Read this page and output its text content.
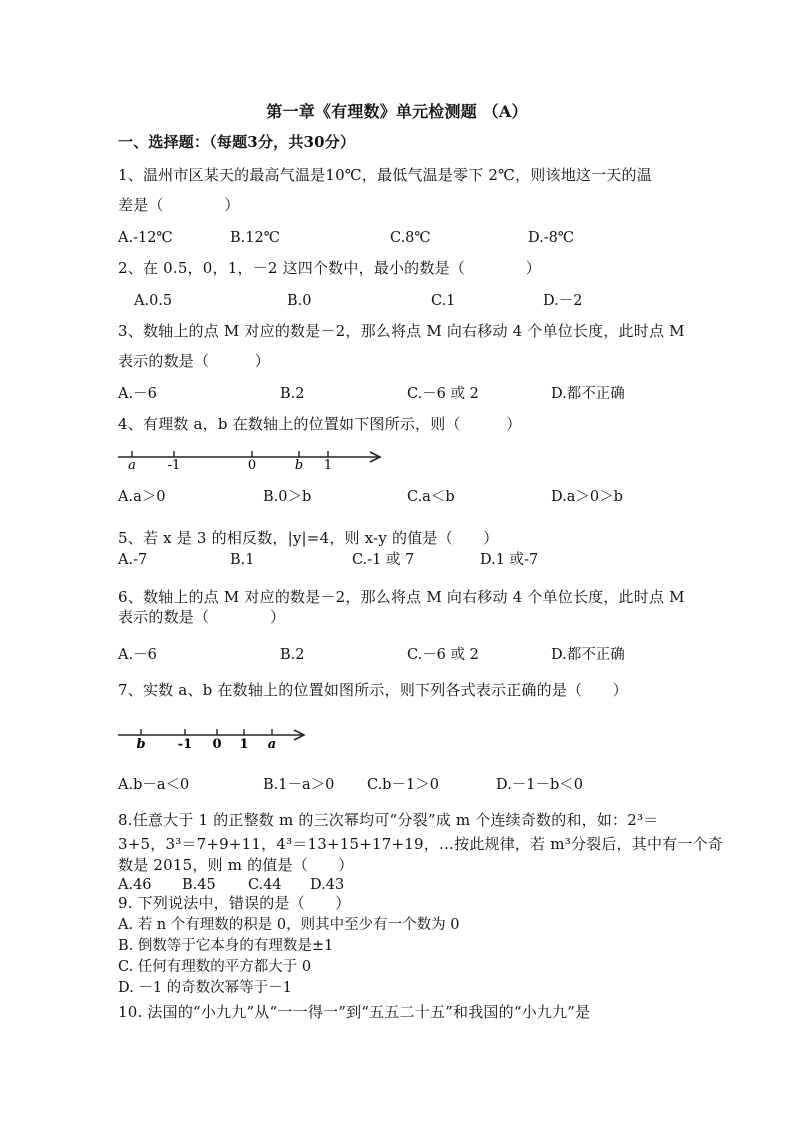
第一章《有理数》单元检测题 （A）
一、选择题：（每题3分，共30分）
1、温州市区某天的最高气温是10℃，最低气温是零下 2℃，则该地这一天的温
差是（　　　　）
A.-12℃	B.12℃	C.8℃	D.-8℃
2、在 0.5，0，1，－2 这四个数中，最小的数是（　　　　）
A.0.5	B.0	C.1	D.－2
3、数轴上的点 M 对应的数是－2，那么将点 M 向右移动 4 个单位长度，此时点 M
表示的数是（　　　）
A.－6	B.2	C.－6 或 2	D.都不正确
4、有理数 a，b 在数轴上的位置如下图所示，则（　　　）
a -1	0	b 1
A.a＞0	B.0＞b	C.a＜b	D.a＞0＞b
5、若 x 是 3 的相反数，|y|=4，则 x-y 的值是（　　）
A.-7	B.1	C.-1 或 7	D.1 或-7
6、数轴上的点 M 对应的数是－2，那么将点 M 向右移动 4 个单位长度，此时点 M
表示的数是（　　　　）
A.－6	B.2	C.－6 或 2	D.都不正确
7、实数 a、b 在数轴上的位置如图所示，则下列各式表示正确的是（　　）
b -1 0 1 a
A.b－a＜0	B.1－a＞0 C.b－1＞0	D.－1－b＜0
8.任意大于 1 的正整数 m 的三次幂均可“分裂”成 m 个连续奇数的和，如：2³＝
3+5，3³＝7+9+11，4³＝13+15+17+19，…按此规律，若 m³分裂后，其中有一个奇
数是 2015，则 m 的值是（　　）
A.46 B.45 C.44 D.43
9. 下列说法中，错误的是（　　）
A. 若 n 个有理数的积是 0，则其中至少有一个数为 0
B. 倒数等于它本身的有理数是±1
C. 任何有理数的平方都大于 0
D. －1 的奇数次幂等于－1
10. 法国的“小九九”从“一一得一”到“五五二十五”和我国的“小九九”是
